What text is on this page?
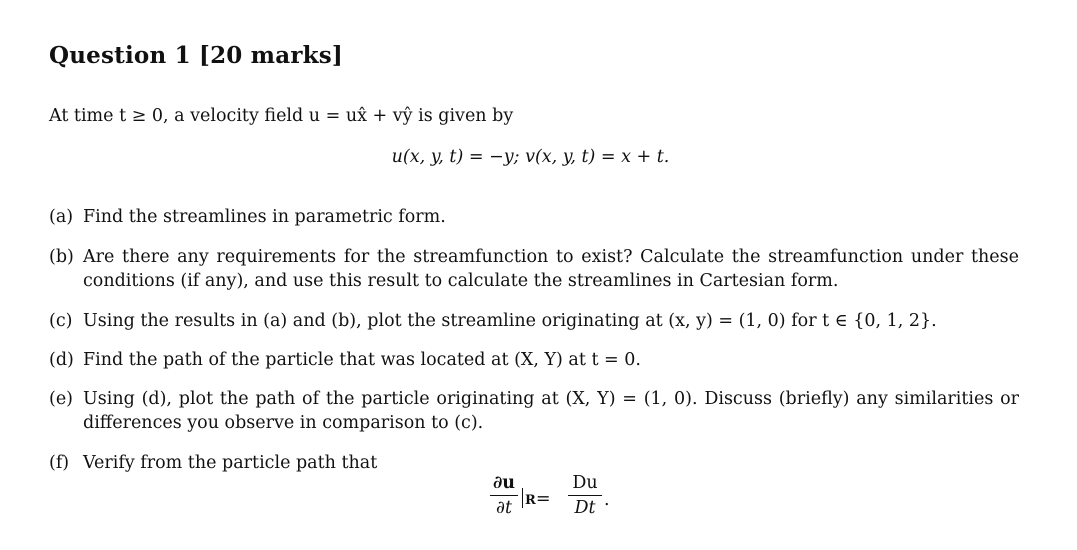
Question 1 [20 marks]
At time t ≥ 0, a velocity field u = ux̂ + vŷ is given by
u(x, y, t) = −y; v(x, y, t) = x + t.
(a) Find the streamlines in parametric form.
(b) Are there any requirements for the streamfunction to exist? Calculate the streamfunction under these conditions (if any), and use this result to calculate the streamlines in Cartesian form.
(c) Using the results in (a) and (b), plot the streamline originating at (x, y) = (1, 0) for t ∈ {0, 1, 2}.
(d) Find the path of the particle that was located at (X, Y) at t = 0.
(e) Using (d), plot the path of the particle originating at (X, Y) = (1, 0). Discuss (briefly) any similarities or differences you observe in comparison to (c).
(f) Verify from the particle path that
∂u
∂t R=
Du
Dt .
